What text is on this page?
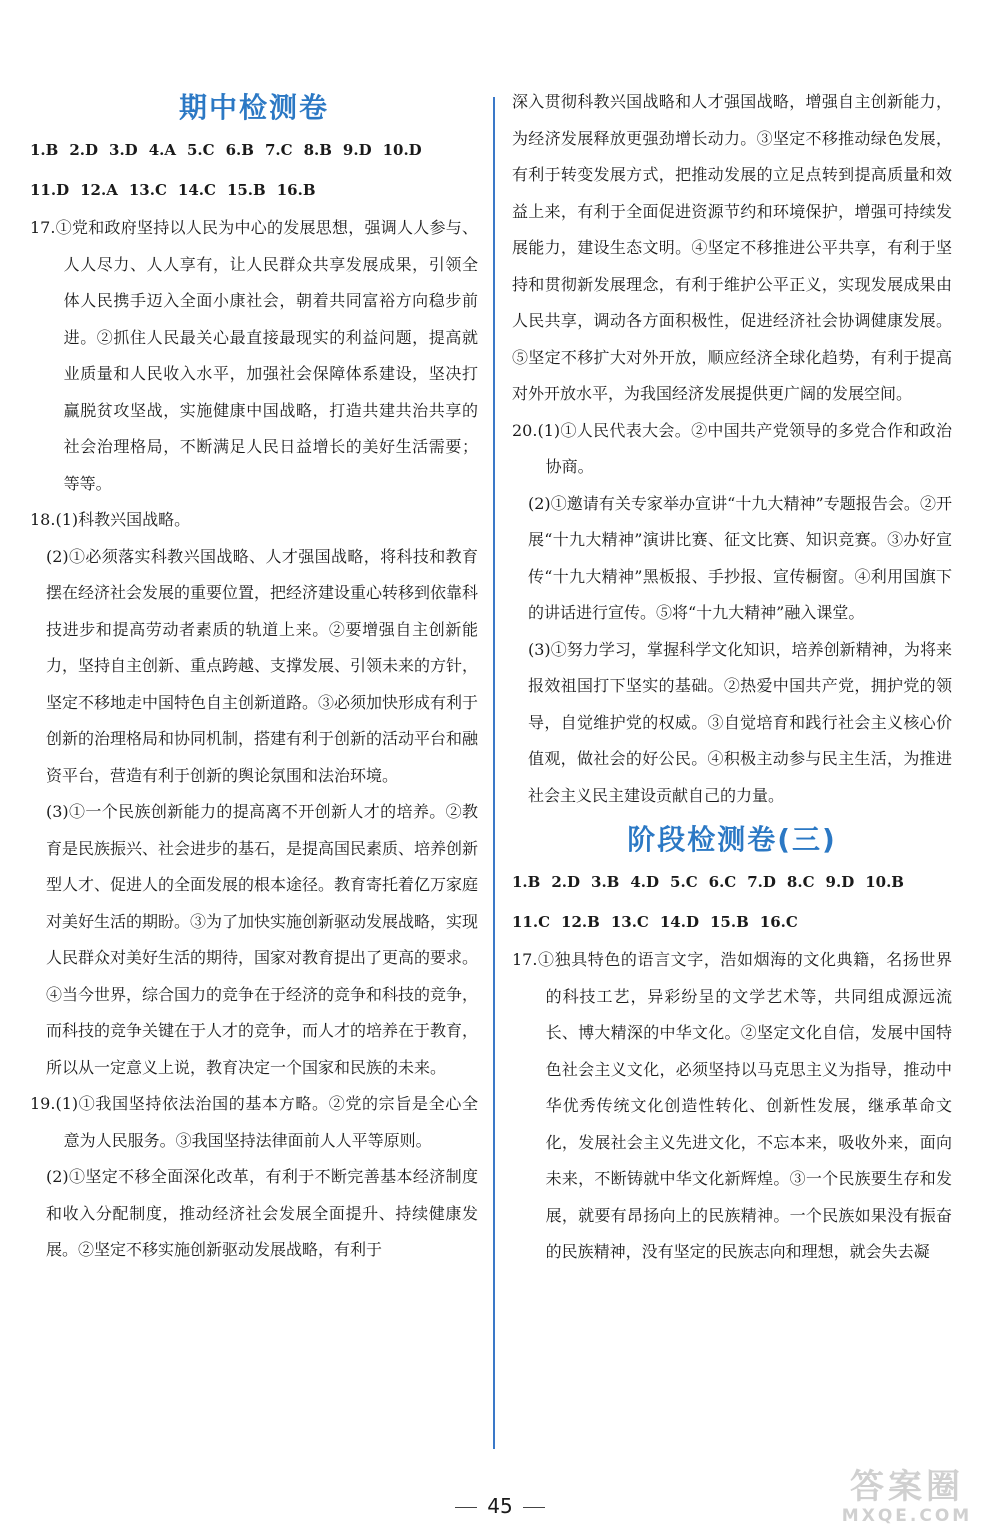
期中检测卷
1.B 2.D 3.D 4.A 5.C 6.B 7.C 8.B 9.D 10.D
11.D 12.A 13.C 14.C 15.B 16.B

17.①党和政府坚持以人民为中心的发展思想，强调人人参与、人人尽力、人人享有，让人民群众共享发展成果，引领全体人民携手迈入全面小康社会，朝着共同富裕方向稳步前进。②抓住人民最关心最直接最现实的利益问题，提高就业质量和人民收入水平，加强社会保障体系建设，坚决打赢脱贫攻坚战，实施健康中国战略，打造共建共治共享的社会治理格局，不断满足人民日益增长的美好生活需要；等等。

18.(1)科教兴国战略。

(2)①必须落实科教兴国战略、人才强国战略，将科技和教育摆在经济社会发展的重要位置，把经济建设重心转移到依靠科技进步和提高劳动者素质的轨道上来。②要增强自主创新能力，坚持自主创新、重点跨越、支撑发展、引领未来的方针，坚定不移地走中国特色自主创新道路。③必须加快形成有利于创新的治理格局和协同机制，搭建有利于创新的活动平台和融资平台，营造有利于创新的舆论氛围和法治环境。

(3)①一个民族创新能力的提高离不开创新人才的培养。②教育是民族振兴、社会进步的基石，是提高国民素质、培养创新型人才、促进人的全面发展的根本途径。教育寄托着亿万家庭对美好生活的期盼。③为了加快实施创新驱动发展战略，实现人民群众对美好生活的期待，国家对教育提出了更高的要求。④当今世界，综合国力的竞争在于经济的竞争和科技的竞争，而科技的竞争关键在于人才的竞争，而人才的培养在于教育，所以从一定意义上说，教育决定一个国家和民族的未来。

19.(1)①我国坚持依法治国的基本方略。②党的宗旨是全心全意为人民服务。③我国坚持法律面前人人平等原则。

(2)①坚定不移全面深化改革，有利于不断完善基本经济制度和收入分配制度，推动经济社会发展全面提升、持续健康发展。②坚定不移实施创新驱动发展战略，有利于

深入贯彻科教兴国战略和人才强国战略，增强自主创新能力，为经济发展释放更强劲增长动力。③坚定不移推动绿色发展，有利于转变发展方式，把推动发展的立足点转到提高质量和效益上来，有利于全面促进资源节约和环境保护，增强可持续发展能力，建设生态文明。④坚定不移推进公平共享，有利于坚持和贯彻新发展理念，有利于维护公平正义，实现发展成果由人民共享，调动各方面积极性，促进经济社会协调健康发展。⑤坚定不移扩大对外开放，顺应经济全球化趋势，有利于提高对外开放水平，为我国经济发展提供更广阔的发展空间。

20.(1)①人民代表大会。②中国共产党领导的多党合作和政治协商。

(2)①邀请有关专家举办宣讲“十九大精神”专题报告会。②开展“十九大精神”演讲比赛、征文比赛、知识竞赛。③办好宣传“十九大精神”黑板报、手抄报、宣传橱窗。④利用国旗下的讲话进行宣传。⑤将“十九大精神”融入课堂。

(3)①努力学习，掌握科学文化知识，培养创新精神，为将来报效祖国打下坚实的基础。②热爱中国共产党，拥护党的领导，自觉维护党的权威。③自觉培育和践行社会主义核心价值观，做社会的好公民。④积极主动参与民主生活，为推进社会主义民主建设贡献自己的力量。

阶段检测卷(三)
1.B 2.D 3.B 4.D 5.C 6.C 7.D 8.C 9.D 10.B
11.C 12.B 13.C 14.D 15.B 16.C

17.①独具特色的语言文字，浩如烟海的文化典籍，名扬世界的科技工艺，异彩纷呈的文学艺术等，共同组成源远流长、博大精深的中华文化。②坚定文化自信，发展中国特色社会主义文化，必须坚持以马克思主义为指导，推动中华优秀传统文化创造性转化、创新性发展，继承革命文化，发展社会主义先进文化，不忘本来，吸收外来，面向未来，不断铸就中华文化新辉煌。③一个民族要生存和发展，就要有昂扬向上的民族精神。一个民族如果没有振奋的民族精神，没有坚定的民族志向和理想，就会失去凝

45	答案圈
MXQE.COM
